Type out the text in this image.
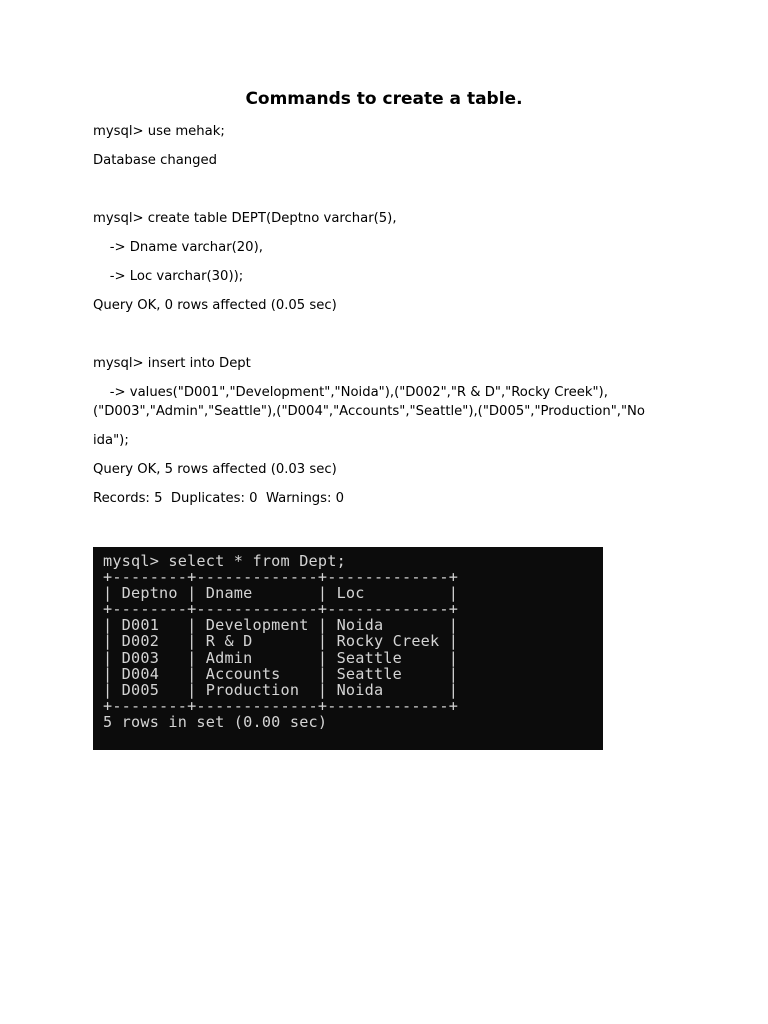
Commands to create a table.

mysql> use mehak;

Database changed

mysql> create table DEPT(Deptno varchar(5),

-> Dname varchar(20),

-> Loc varchar(30));

Query OK, 0 rows affected (0.05 sec)

mysql> insert into Dept

-> values("D001","Development","Noida"),("D002","R & D","Rocky Creek"),

("D003","Admin","Seattle"),("D004","Accounts","Seattle"),("D005","Production","No

ida");

Query OK, 5 rows affected (0.03 sec)

Records: 5  Duplicates: 0  Warnings: 0

mysql> select * from Dept;
+--------+-------------+-------------+
| Deptno | Dname       | Loc         |
+--------+-------------+-------------+
| D001   | Development | Noida       |
| D002   | R & D       | Rocky Creek |
| D003   | Admin       | Seattle     |
| D004   | Accounts    | Seattle     |
| D005   | Production  | Noida       |
+--------+-------------+-------------+
5 rows in set (0.00 sec)
